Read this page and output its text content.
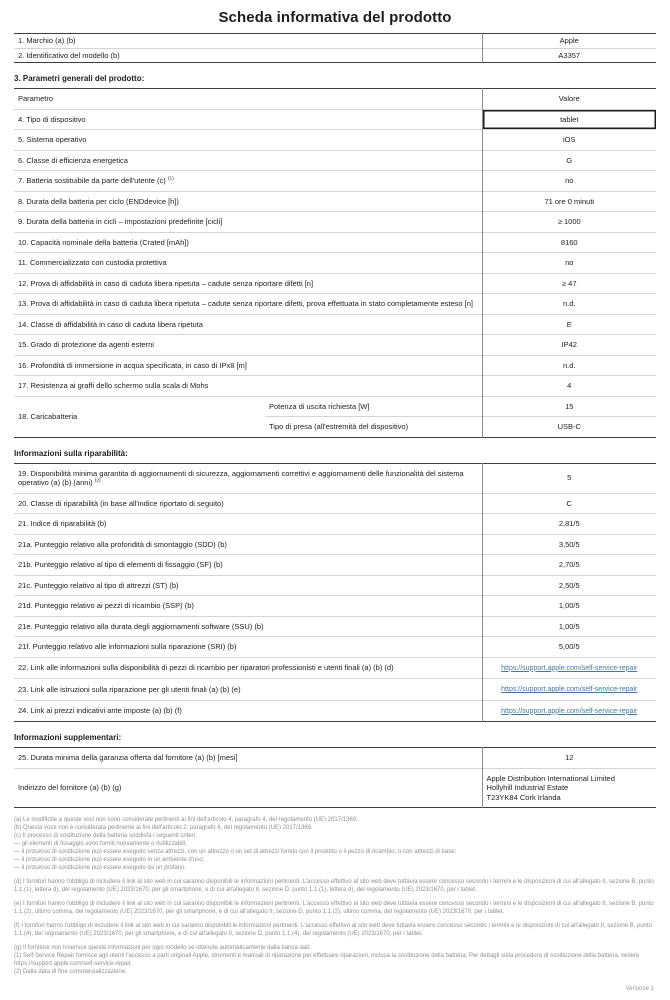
Scheda informativa del prodotto
1. Marchio (a) (b)	Apple
2. Identificativo del modello (b)	A3357
3. Parametri generali del prodotto:
Parametro		Valore
4. Tipo di dispositivo		tablet
5. Sistema operativo		iOS
6. Classe di efficienza energetica		G
7. Batteria sostituibile da parte dell'utente (c) $^{(1)}$		no
8. Durata della batteria per ciclo (ENDdevice [h])		71 ore 0 minuti
9. Durata della batteria in cicli – impostazioni predefinite [cicli]		≥ 1000
10. Capacità nominale della batteria (Crated [mAh])		8160
11. Commercializzato con custodia protettiva		no
12. Prova di affidabilità in caso di caduta libera ripetuta – cadute senza riportare difetti [n]		≥ 47
13. Prova di affidabilità in caso di caduta libera ripetuta – cadute senza riportare difetti, prova effettuata in stato completamente esteso [n]		n.d.
14. Classe di affidabilità in caso di caduta libera ripetuta		E
15. Grado di protezione da agenti esterni		IP42
16. Profondità di immersione in acqua specificata, in caso di IPx8 [m]		n.d.
17. Resistenza ai graffi dello schermo sulla scala di Mohs		4
18. Caricabatteria	Potenza di uscita richiesta [W]	15
	Tipo di presa (all'estremità del dispositivo)	USB-C
Informazioni sulla riparabilità:
19. Disponibilità minima garantita di aggiornamenti di sicurezza, aggiornamenti correttivi e aggiornamenti delle funzionalità del sistema operativo (a) (b) (anni) $^{(2)}$	5
20. Classe di riparabilità (in base all'indice riportato di seguito)	C
21. Indice di riparabilità (b)	2,81/5
21a. Punteggio relativo alla profondità di smontaggio (SDD) (b)	3,50/5
21b. Punteggio relativo al tipo di elementi di fissaggio (SF) (b)	2,70/5
21c. Punteggio relativo al tipo di attrezzi (ST) (b)	2,50/5
21d. Punteggio relativo ai pezzi di ricambio (SSP) (b)	1,00/5
21e. Punteggio relativo alla durata degli aggiornamenti software (SSU) (b)	1,00/5
21f. Punteggio relativo alle informazioni sulla riparazione (SRI) (b)	5,00/5
22. Link alle informazioni sulla disponibilità di pezzi di ricambio per riparatori professionisti e utenti finali (a) (b) (d)	https://support.apple.com/self-service-repair
23. Link alle istruzioni sulla riparazione per gli utenti finali (a) (b) (e)	https://support.apple.com/self-service-repair
24. Link ai prezzi indicativi ante imposte (a) (b) (f)	https://support.apple.com/self-service-repair
Informazioni supplementari:
25. Durata minima della garanzia offerta dal fornitore (a) (b) [mesi]	12
Indirizzo del fornitore (a) (b) (g)	Apple Distribution International Limited
Hollyhill Industrial Estate
T23YK84 Cork Irlanda
(a) Le modifiche a queste voci non sono considerate pertinenti ai fini dell'articolo 4, paragrafo 4, del regolamento (UE) 2017/1369.
(b) Questa voce non è considerata pertinente ai fini dell'articolo 2, paragrafo 6, del regolamento (UE) 2017/1369.
(c) Il processo di sostituzione della batteria soddisfa i seguenti criteri:
— gli elementi di fissaggio sono forniti nuovamente o riutilizzabili;
— il processo di sostituzione può essere eseguito senza attrezzi, con un attrezzo o un set di attrezzi fornito con il prodotto o il pezzo di ricambio, o con attrezzi di base;
— il processo di sostituzione può essere eseguito in un ambiente d'uso;
— il processo di sostituzione può essere eseguito da un profano.
(d) I fornitori hanno l'obbligo di includere il link al sito web in cui saranno disponibili le informazioni pertinenti. L'accesso effettivo al sito web deve tuttavia essere concesso secondo i termini e le disposizioni di cui all'allegato II, sezione B, punto 1.1.(1), lettera d), del regolamento (UE) 2023/1670, per gli smartphone, e di cui all'allegato II, sezione D, punto 1.1.(1), lettera d), del regolamento (UE) 2023/1670, per i tablet.
(e) I fornitori hanno l'obbligo di includere il link al sito web in cui saranno disponibili le informazioni pertinenti. L'accesso effettivo al sito web deve tuttavia essere concesso secondo i termini e le disposizioni di cui all'allegato II, sezione B, punto 1.1.(2), ultimo comma, del regolamento (UE) 2023/1670, per gli smartphone, e di cui all'allegato II, sezione D, punto 1.1.(2), ultimo comma, del regolamento (UE) 2023/1670, per i tablet.
(f) I fornitori hanno l'obbligo di includere il link al sito web in cui saranno disponibili le informazioni pertinenti. L'accesso effettivo al sito web deve tuttavia essere concesso secondo i termini e le disposizioni di cui all'allegato II, sezione B, punto 1.1.(4), del regolamento (UE) 2023/1670, per gli smartphone, e di cui all'allegato II, sezione D, punto 1.1.(4), del regolamento (UE) 2023/1670, per i tablet.
(g) Il fornitore non inserisce queste informazioni per ogni modello se ottenute automaticamente dalla banca dati.
(1) Self Service Repair fornisce agli utenti l'accesso a parti originali Apple, strumenti e manuali di riparazione per effettuare riparazioni, inclusa la sostituzione della batteria. Per dettagli sulla procedura di sostituzione della batteria, vedere https://support.apple.com/self-service-repair.
(2) Dalla data di fine commercializzazione.
Versione 1
